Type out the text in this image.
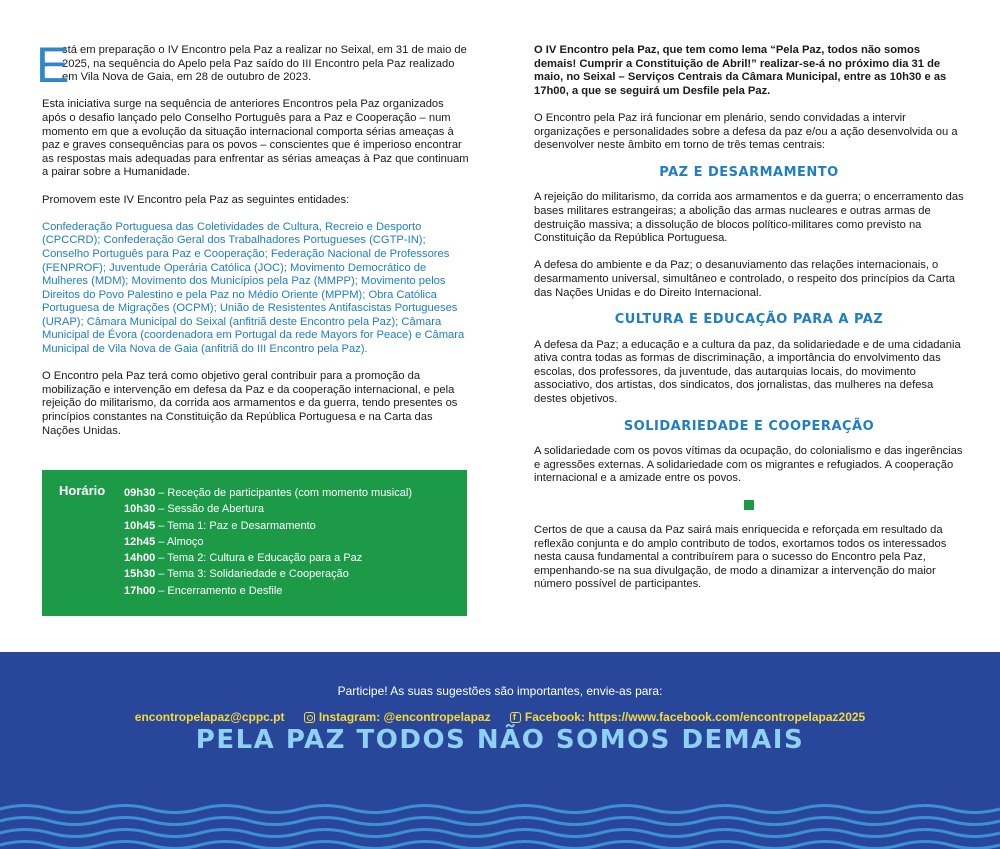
E

stá em preparação o IV Encontro pela Paz a realizar no Seixal, em 31 de maio de 2025, na sequência do Apelo pela Paz saído do III Encontro pela Paz realizado em Vila Nova de Gaia, em 28 de outubro de 2023.

Esta iniciativa surge na sequência de anteriores Encontros pela Paz organizados após o desafio lançado pelo Conselho Português para a Paz e Cooperação – num momento em que a evolução da situação internacional comporta sérias ameaças à paz e graves consequências para os povos – conscientes que é imperioso encontrar as respostas mais adequadas para enfrentar as sérias ameaças à Paz que continuam a pairar sobre a Humanidade.

Promovem este IV Encontro pela Paz as seguintes entidades:

Confederação Portuguesa das Coletividades de Cultura, Recreio e Desporto (CPCCRD); Confederação Geral dos Trabalhadores Portugueses (CGTP-IN); Conselho Português para Paz e Cooperação; Federação Nacional de Professores (FENPROF); Juventude Operária Católica (JOC); Movimento Democrático de Mulheres (MDM); Movimento dos Municípios pela Paz (MMPP); Movimento pelos Direitos do Povo Palestino e pela Paz no Médio Oriente (MPPM); Obra Católica Portuguesa de Migrações (OCPM); União de Resistentes Antifascistas Portugueses (URAP); Câmara Municipal do Seixal (anfitriã deste Encontro pela Paz); Câmara Municipal de Évora (coordenadora em Portugal da rede Mayors for Peace) e Câmara Municipal de Vila Nova de Gaia (anfitriã do III Encontro pela Paz).

O Encontro pela Paz terá como objetivo geral contribuir para a promoção da mobilização e intervenção em defesa da Paz e da cooperação internacional, e pela rejeição do militarismo, da corrida aos armamentos e da guerra, tendo presentes os princípios constantes na Constituição da República Portuguesa e na Carta das Nações Unidas.

Horário 09h30 – Receção de participantes (com momento musical)
10h30 – Sessão de Abertura
10h45 – Tema 1: Paz e Desarmamento
12h45 – Almoço
14h00 – Tema 2: Cultura e Educação para a Paz
15h30 – Tema 3: Solidariedade e Cooperação
17h00 – Encerramento e Desfile

O IV Encontro pela Paz, que tem como lema “Pela Paz, todos não somos demais! Cumprir a Constituição de Abril!” realizar-se-á no próximo dia 31 de maio, no Seixal – Serviços Centrais da Câmara Municipal, entre as 10h30 e as 17h00, a que se seguirá um Desfile pela Paz.

O Encontro pela Paz irá funcionar em plenário, sendo convidadas a intervir organizações e personalidades sobre a defesa da paz e/ou a ação desenvolvida ou a desenvolver neste âmbito em torno de três temas centrais:

PAZ E DESARMAMENTO

A rejeição do militarismo, da corrida aos armamentos e da guerra; o encerramento das bases militares estrangeiras; a abolição das armas nucleares e outras armas de destruição massiva; a dissolução de blocos político-militares como previsto na Constituição da República Portuguesa.

A defesa do ambiente e da Paz; o desanuviamento das relações internacionais, o desarmamento universal, simultâneo e controlado, o respeito dos princípios da Carta das Nações Unidas e do Direito Internacional.

CULTURA E EDUCAÇÃO PARA A PAZ

A defesa da Paz; a educação e a cultura da paz, da solidariedade e de uma cidadania ativa contra todas as formas de discriminação, a importância do envolvimento das escolas, dos professores, da juventude, das autarquias locais, do movimento associativo, dos artistas, dos sindicatos, dos jornalistas, das mulheres na defesa destes objetivos.

SOLIDARIEDADE E COOPERAÇÃO

A solidariedade com os povos vítimas da ocupação, do colonialismo e das ingerências e agressões externas. A solidariedade com os migrantes e refugiados. A cooperação internacional e a amizade entre os povos.

Certos de que a causa da Paz sairá mais enriquecida e reforçada em resultado da reflexão conjunta e do amplo contributo de todos, exortamos todos os interessados nesta causa fundamental a contribuírem para o sucesso do Encontro pela Paz, empenhando-se na sua divulgação, de modo a dinamizar a intervenção do maior número possível de participantes.

Participe! As suas sugestões são importantes, envie-as para:
encontropelapaz@cppc.pt	Instagram: @encontropelapaz f	Facebook: https://www.facebook.com/encontropelapaz2025
PELA PAZ TODOS NÃO SOMOS DEMAIS
